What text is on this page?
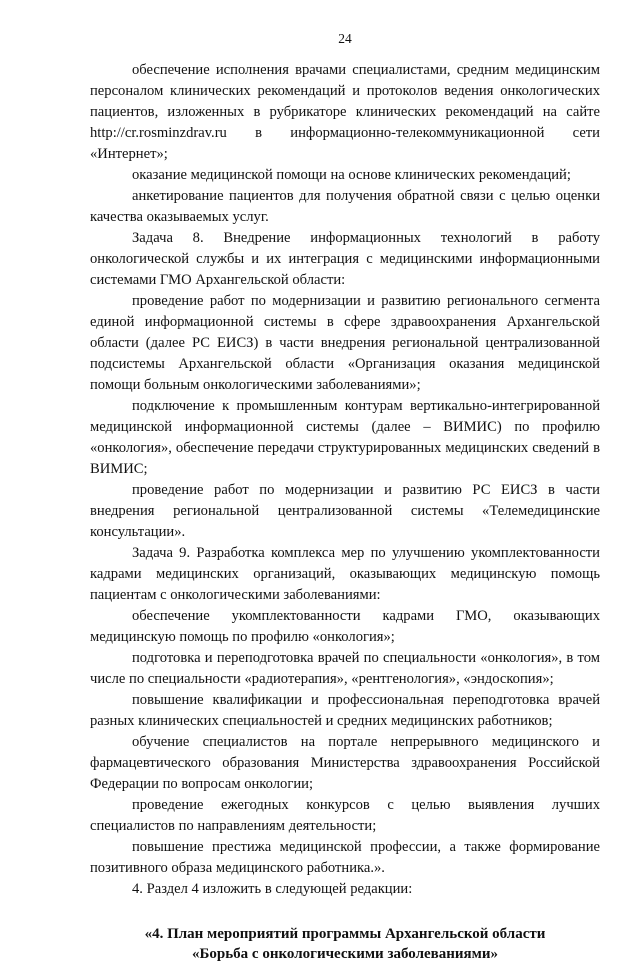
24

обеспечение исполнения врачами специалистами, средним медицинским персоналом клинических рекомендаций и протоколов ведения онкологических пациентов, изложенных в рубрикаторе клинических рекомендаций на сайте http://cr.rosminzdrav.ru в информационно-телекоммуникационной сети «Интернет»;

оказание медицинской помощи на основе клинических рекомендаций;

анкетирование пациентов для получения обратной связи с целью оценки качества оказываемых услуг.

Задача 8. Внедрение информационных технологий в работу онкологической службы и их интеграция с медицинскими информационными системами ГМО Архангельской области:

проведение работ по модернизации и развитию регионального сегмента единой информационной системы в сфере здравоохранения Архангельской области (далее РС ЕИСЗ) в части внедрения региональной централизованной подсистемы Архангельской области «Организация оказания медицинской помощи больным онкологическими заболеваниями»;

подключение к промышленным контурам вертикально-интегрированной медицинской информационной системы (далее – ВИМИС) по профилю «онкология», обеспечение передачи структурированных медицинских сведений в ВИМИС;

проведение работ по модернизации и развитию РС ЕИСЗ в части внедрения региональной централизованной системы «Телемедицинские консультации».

Задача 9. Разработка комплекса мер по улучшению укомплектованности кадрами медицинских организаций, оказывающих медицинскую помощь пациентам с онкологическими заболеваниями:

обеспечение укомплектованности кадрами ГМО, оказывающих медицинскую помощь по профилю «онкология»;

подготовка и переподготовка врачей по специальности «онкология», в том числе по специальности «радиотерапия», «рентгенология», «эндоскопия»;

повышение квалификации и профессиональная переподготовка врачей разных клинических специальностей и средних медицинских работников;

обучение специалистов на портале непрерывного медицинского и фармацевтического образования Министерства здравоохранения Российской Федерации по вопросам онкологии;

проведение ежегодных конкурсов с целью выявления лучших специалистов по направлениям деятельности;

повышение престижа медицинской профессии, а также формирование позитивного образа медицинского работника.».

4. Раздел 4 изложить в следующей редакции:

«4. План мероприятий программы Архангельской области
«Борьба с онкологическими заболеваниями»
